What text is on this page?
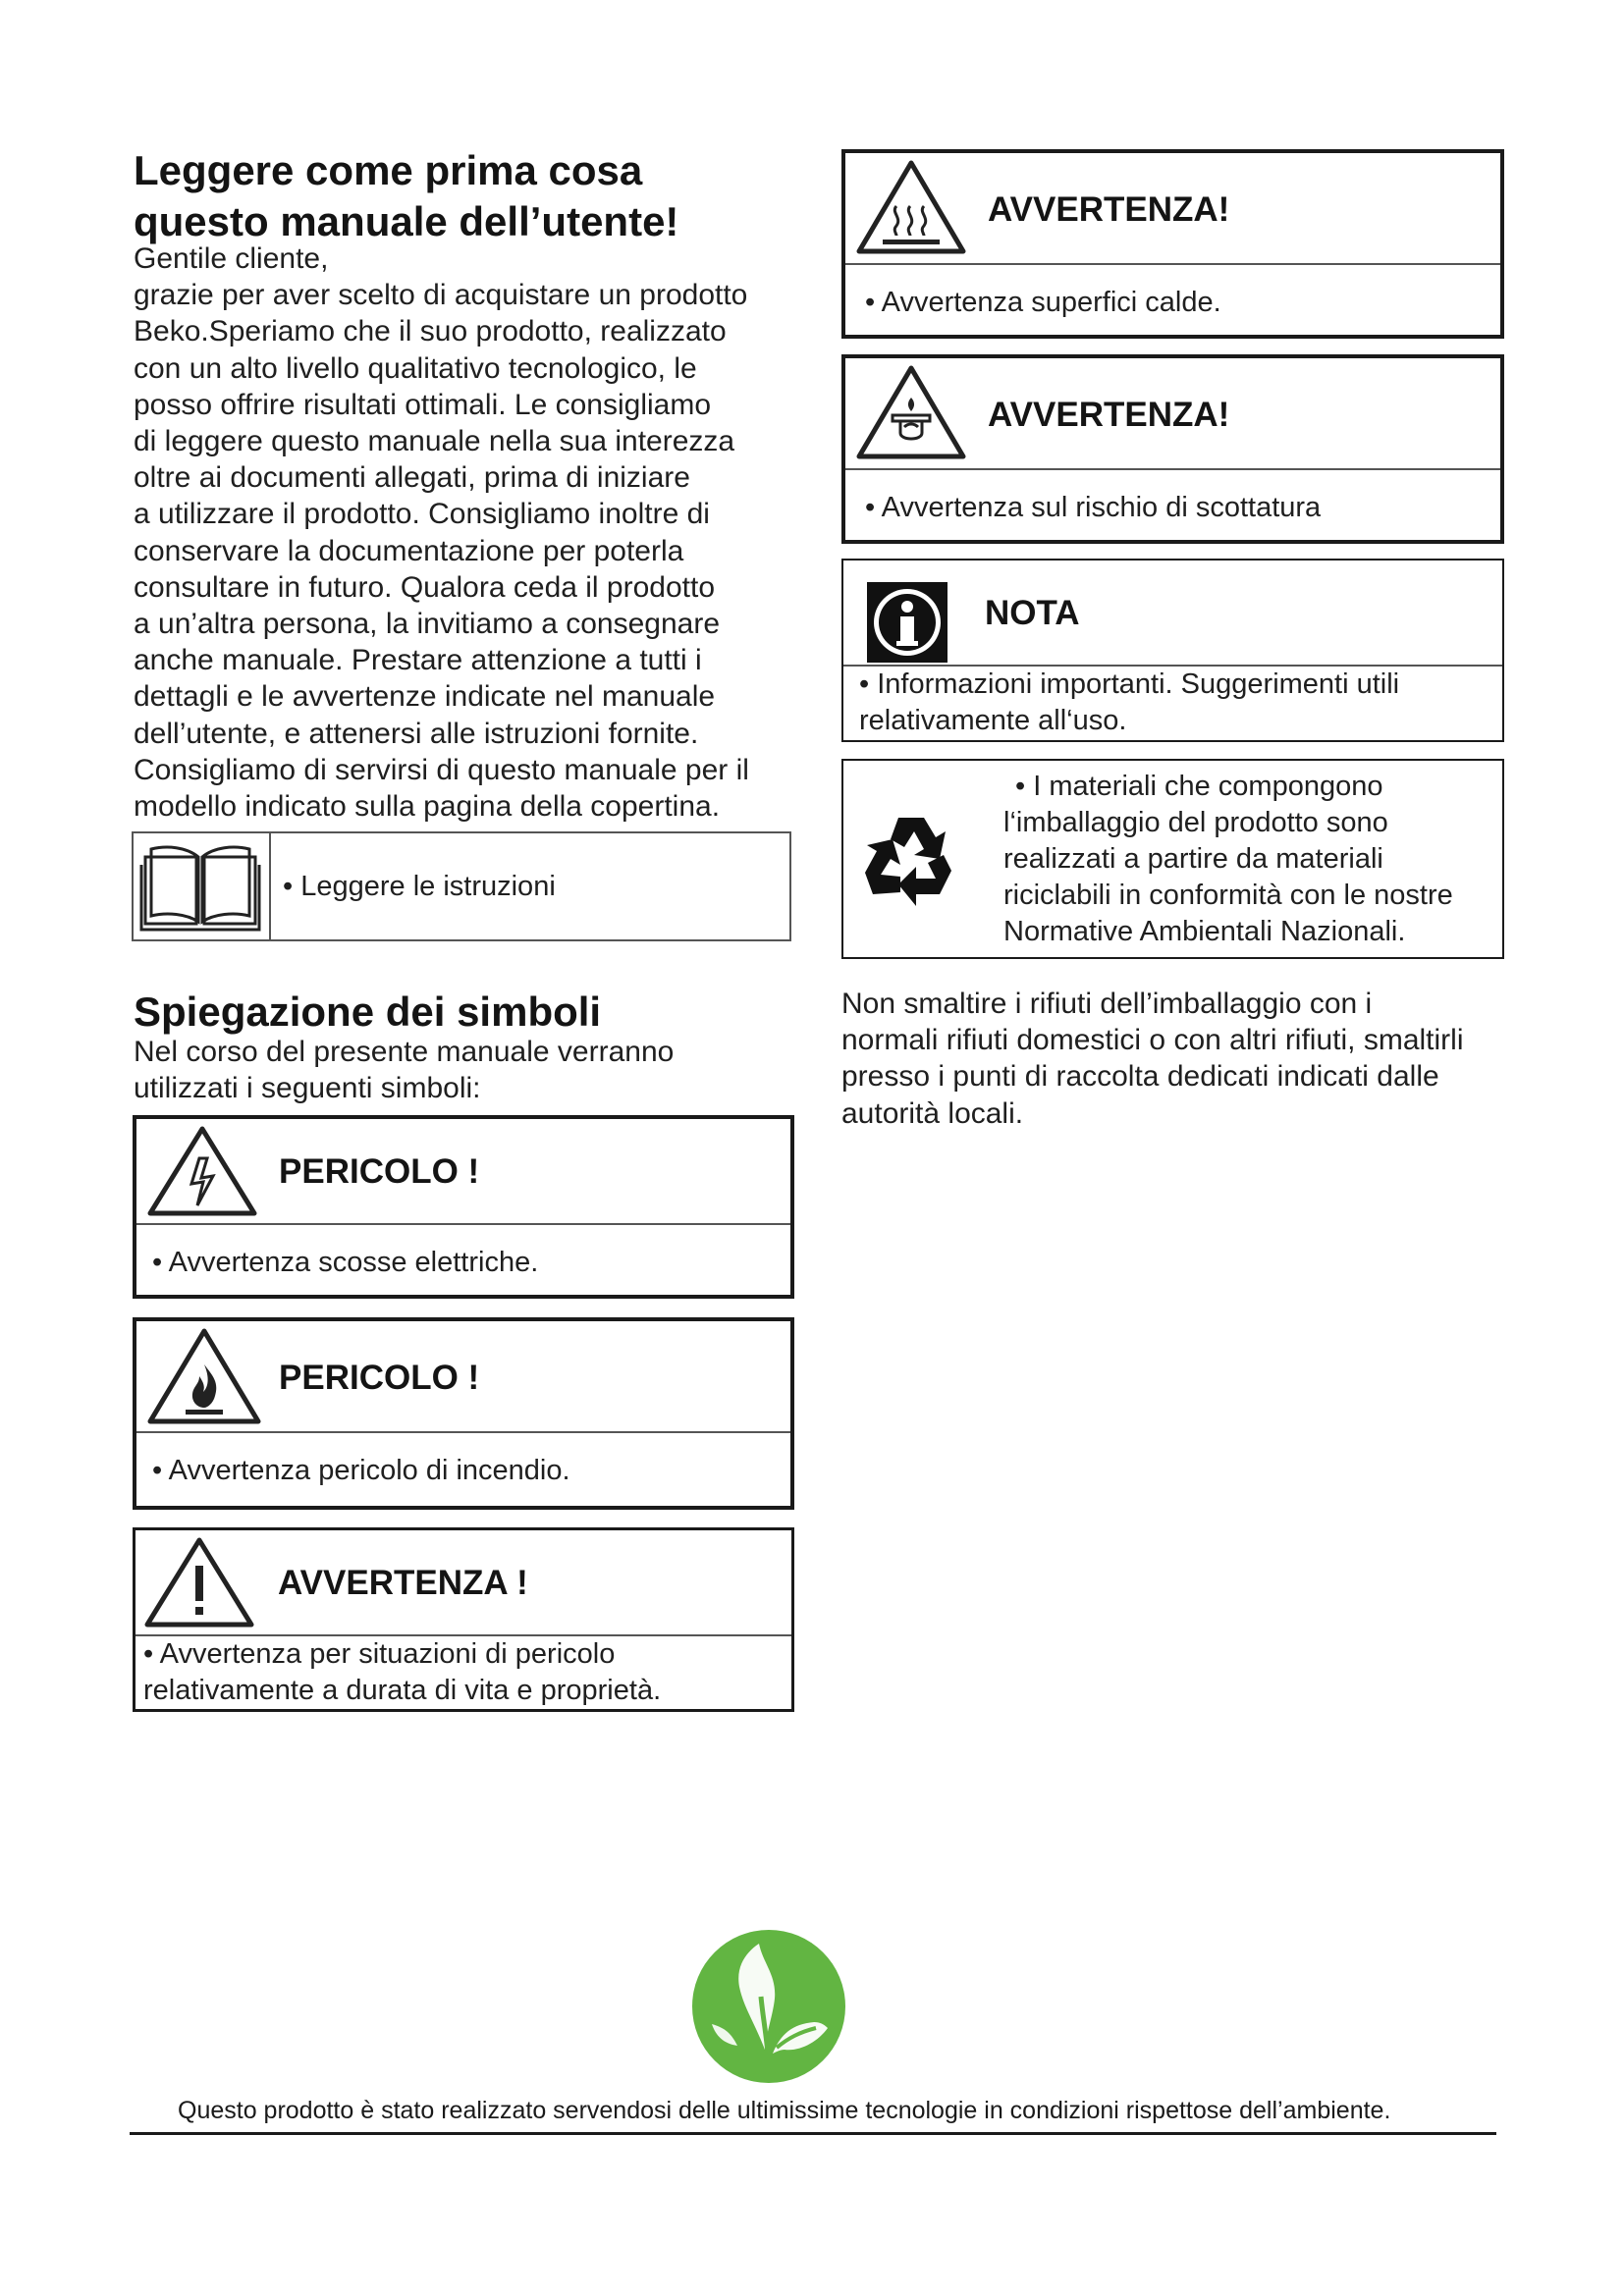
Leggere come prima cosa
questo manuale dell’utente!

Gentile cliente,

grazie per aver scelto di acquistare un prodotto

Beko.Speriamo che il suo prodotto, realizzato

con un alto livello qualitativo tecnologico, le

posso offrire risultati ottimali. Le consigliamo

di leggere questo manuale nella sua interezza

oltre ai documenti allegati, prima di iniziare

a utilizzare il prodotto. Consigliamo inoltre di

conservare la documentazione per poterla

consultare in futuro. Qualora ceda il prodotto

a un’altra persona, la invitiamo a consegnare

anche manuale. Prestare attenzione a tutti i

dettagli e le avvertenze indicate nel manuale

dell’utente, e attenersi alle istruzioni fornite.

Consigliamo di servirsi di questo manuale per il

modello indicato sulla pagina della copertina.

• Leggere le istruzioni
Spiegazione dei simboli

Nel corso del presente manuale verranno

utilizzati i seguenti simboli:

PERICOLO !
• Avvertenza scosse elettriche.
PERICOLO !
• Avvertenza pericolo di incendio.
AVVERTENZA !
• Avvertenza per situazioni di pericolo
relativamente a durata di vita e proprietà.
AVVERTENZA!
• Avvertenza superfici calde.
AVVERTENZA!
• Avvertenza sul rischio di scottatura
NOTA
• Informazioni importanti. Suggerimenti utili
relativamente all‘uso.
• I materiali che compongono
l‘imballaggio del prodotto sono
realizzati a partire da materiali
riciclabili in conformità con le nostre
Normative Ambientali Nazionali.

Non smaltire i rifiuti dell’imballaggio con i

normali rifiuti domestici o con altri rifiuti, smaltirli

presso i punti di raccolta dedicati indicati dalle

autorità locali.

Questo prodotto è stato realizzato servendosi delle ultimissime tecnologie in condizioni rispettose dell’ambiente.
